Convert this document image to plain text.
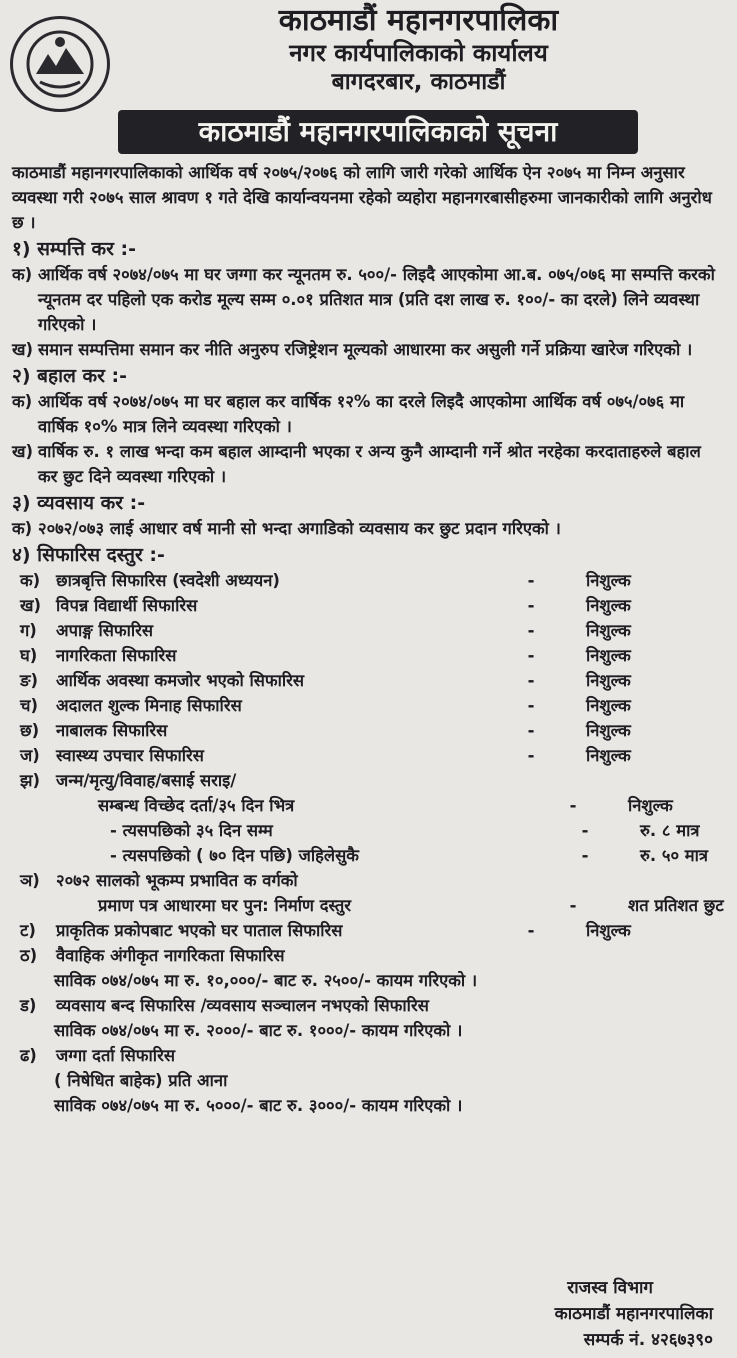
काठमाडौं महानगरपालिका
नगर कार्यपालिकाको कार्यालय
बागदरबार, काठमाडौं
काठमाडौं महानगरपालिकाको सूचना

काठमाडौं महानगरपालिकाको आर्थिक वर्ष २०७५/२०७६ को लागि जारी गरेको आर्थिक ऐन २०७५ मा निम्न अनुसार व्यवस्था गरी २०७५ साल श्रावण १ गते देखि कार्यान्वयनमा रहेको व्यहोरा महानगरबासीहरुमा जानकारीको लागि अनुरोध छ ।

१) सम्पत्ति कर :-
क) आर्थिक वर्ष २०७४/०७५ मा घर जग्गा कर न्यूनतम रु. ५००/- लिइदै आएकोमा आ.ब. ०७५/०७६ मा सम्पत्ति करको न्यूनतम दर पहिलो एक करोड मूल्य सम्म ०.०१ प्रतिशत मात्र (प्रति दश लाख रु. १००/- का दरले) लिने व्यवस्था गरिएको ।
ख) समान सम्पत्तिमा समान कर नीति अनुरुप रजिष्ट्रेशन मूल्यको आधारमा कर असुली गर्ने प्रक्रिया खारेज गरिएको ।
२) बहाल कर :-
क) आर्थिक वर्ष २०७४/०७५ मा घर बहाल कर वार्षिक १२% का दरले लिइदै आएकोमा आर्थिक वर्ष ०७५/०७६ मा वार्षिक १०% मात्र लिने व्यवस्था गरिएको ।
ख) वार्षिक रु. १ लाख भन्दा कम बहाल आम्दानी भएका र अन्य कुनै आम्दानी गर्ने श्रोत नरहेका करदाताहरुले बहाल कर छुट दिने व्यवस्था गरिएको ।
३) व्यवसाय कर :-
क) २०७२/०७३ लाई आधार वर्ष मानी सो भन्दा अगाडिको व्यवसाय कर छुट प्रदान गरिएको ।
४) सिफारिस दस्तुर :-
क) छात्रबृत्ति सिफारिस (स्वदेशी अध्ययन)	-	निशुल्क
ख) विपन्न विद्यार्थी सिफारिस	-	निशुल्क
ग)	अपाङ्ग सिफारिस	-	निशुल्क
घ)	नागरिकता सिफारिस	-	निशुल्क
ङ)	आर्थिक अवस्था कमजोर भएको सिफारिस	-	निशुल्क
च)	अदालत शुल्क मिनाह सिफारिस	-	निशुल्क
छ)	नाबालक सिफारिस	-	निशुल्क
ज) स्वास्थ्य उपचार सिफारिस	-	निशुल्क
झ) जन्म/मृत्यु/विवाह/बसाई सराइ/
सम्बन्ध विच्छेद दर्ता/३५ दिन भित्र	-	निशुल्क
- त्यसपछिको ३५ दिन सम्म	-	रु. ८ मात्र
- त्यसपछिको ( ७० दिन पछि) जहिलेसुकै	-	रु. ५० मात्र
ञ) २०७२ सालको भूकम्प प्रभावित क वर्गको
प्रमाण पत्र आधारमा घर पुन: निर्माण दस्तुर	-	शत प्रतिशत छुट
ट)	प्राकृतिक प्रकोपबाट भएको घर पाताल सिफारिस	-	निशुल्क
ठ)	वैवाहिक अंगीकृत नागरिकता सिफारिस
साविक ०७४/०७५ मा रु. १०,०००/- बाट रु. २५००/- कायम गरिएको ।
ड)	व्यवसाय बन्द सिफारिस /व्यवसाय सञ्चालन नभएको सिफारिस
साविक ०७४/०७५ मा रु. २०००/- बाट रु. १०००/- कायम गरिएको ।
ढ)	जग्गा दर्ता सिफारिस
( निषेधित बाहेक) प्रति आना
साविक ०७४/०७५ मा रु. ५०००/- बाट रु. ३०००/- कायम गरिएको ।
राजस्व विभाग
काठमाडौं महानगरपालिका
सम्पर्क नं. ४२६७३९०
